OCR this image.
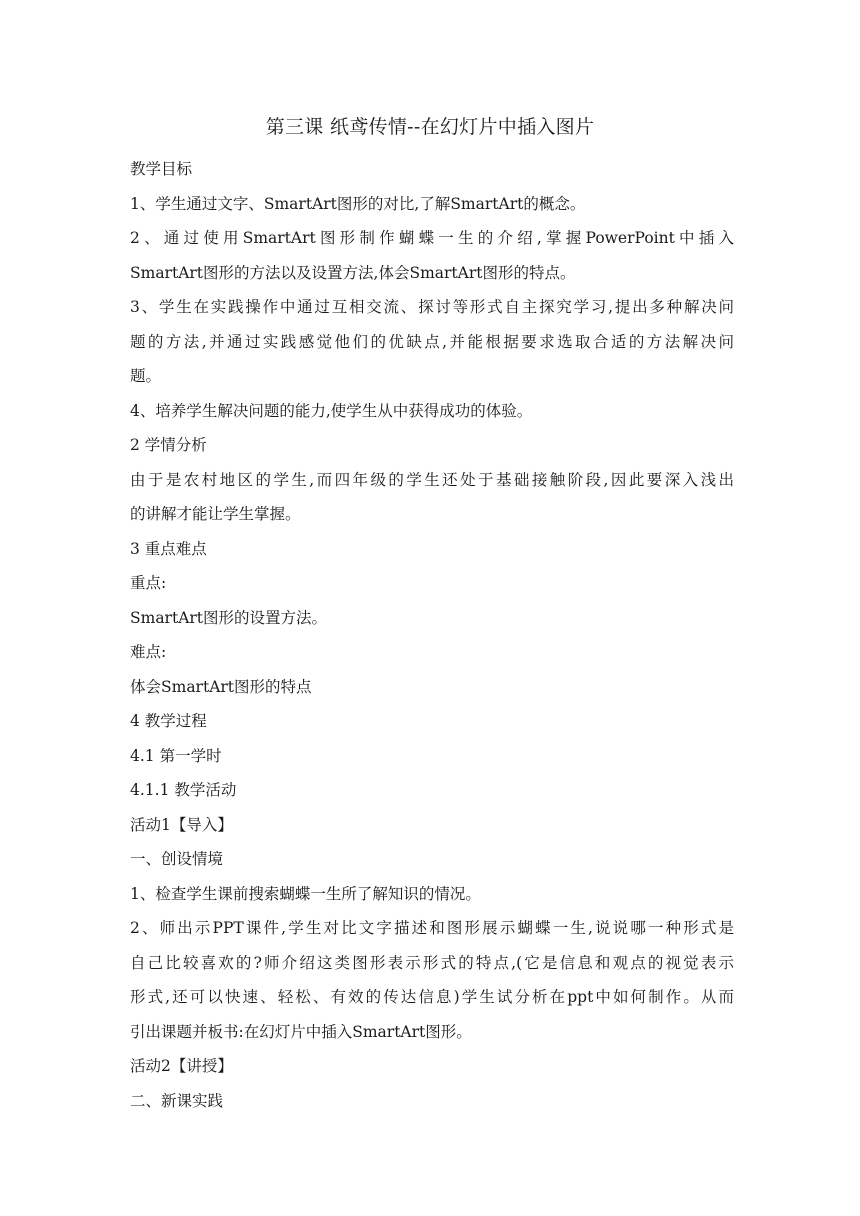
第三课 纸鸢传情--在幻灯片中插入图片
教学目标
1、学生通过文字、SmartArt图形的对比,了解SmartArt的概念。
2、通过使用SmartArt图形制作蝴蝶一生的介绍,掌握PowerPoint中插入
SmartArt图形的方法以及设置方法,体会SmartArt图形的特点。
3、学生在实践操作中通过互相交流、探讨等形式自主探究学习,提出多种解决问
题的方法,并通过实践感觉他们的优缺点,并能根据要求选取合适的方法解决问
题。
4、培养学生解决问题的能力,使学生从中获得成功的体验。
2 学情分析
由于是农村地区的学生,而四年级的学生还处于基础接触阶段,因此要深入浅出
的讲解才能让学生掌握。
3 重点难点
重点:
SmartArt图形的设置方法。
难点:
体会SmartArt图形的特点
4 教学过程
4.1 第一学时
4.1.1 教学活动
活动1【导入】
一、创设情境
1、检查学生课前搜索蝴蝶一生所了解知识的情况。
2、师出示PPT课件,学生对比文字描述和图形展示蝴蝶一生,说说哪一种形式是
自己比较喜欢的?师介绍这类图形表示形式的特点,(它是信息和观点的视觉表示
形式,还可以快速、轻松、有效的传达信息)学生试分析在ppt中如何制作。从而
引出课题并板书:在幻灯片中插入SmartArt图形。
活动2【讲授】
二、新课实践
